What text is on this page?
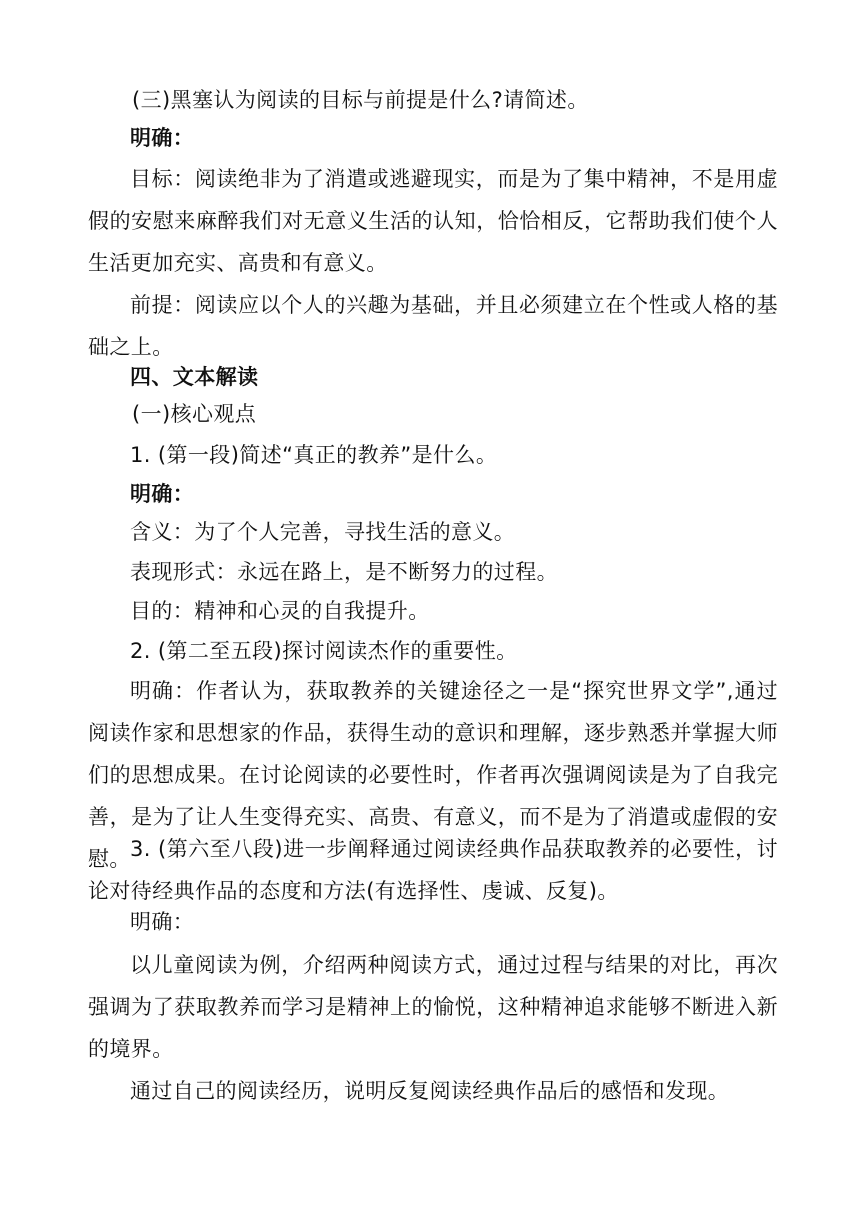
(三)黑塞认为阅读的目标与前提是什么?请简述。
明确：

目标：阅读绝非为了消遣或逃避现实，而是为了集中精神，不是用虚假的安慰来麻醉我们对无意义生活的认知，恰恰相反，它帮助我们使个人生活更加充实、高贵和有意义。

前提：阅读应以个人的兴趣为基础，并且必须建立在个性或人格的基础之上。

四、文本解读
(一)核心观点
1. (第一段)简述“真正的教养”是什么。
明确：
含义：为了个人完善，寻找生活的意义。
表现形式：永远在路上，是不断努力的过程。
目的：精神和心灵的自我提升。
2. (第二至五段)探讨阅读杰作的重要性。

明确：作者认为，获取教养的关键途径之一是“探究世界文学”,通过阅读作家和思想家的作品，获得生动的意识和理解，逐步熟悉并掌握大师们的思想成果。在讨论阅读的必要性时，作者再次强调阅读是为了自我完善，是为了让人生变得充实、高贵、有意义，而不是为了消遣或虚假的安慰。 3. (第六至八段)进一步阐释通过阅读经典作品获取教养的必要性，讨论对待经典作品的态度和方法(有选择性、虔诚、反复)。

明确：

以儿童阅读为例，介绍两种阅读方式，通过过程与结果的对比，再次强调为了获取教养而学习是精神上的愉悦，这种精神追求能够不断进入新的境界。

通过自己的阅读经历，说明反复阅读经典作品后的感悟和发现。
